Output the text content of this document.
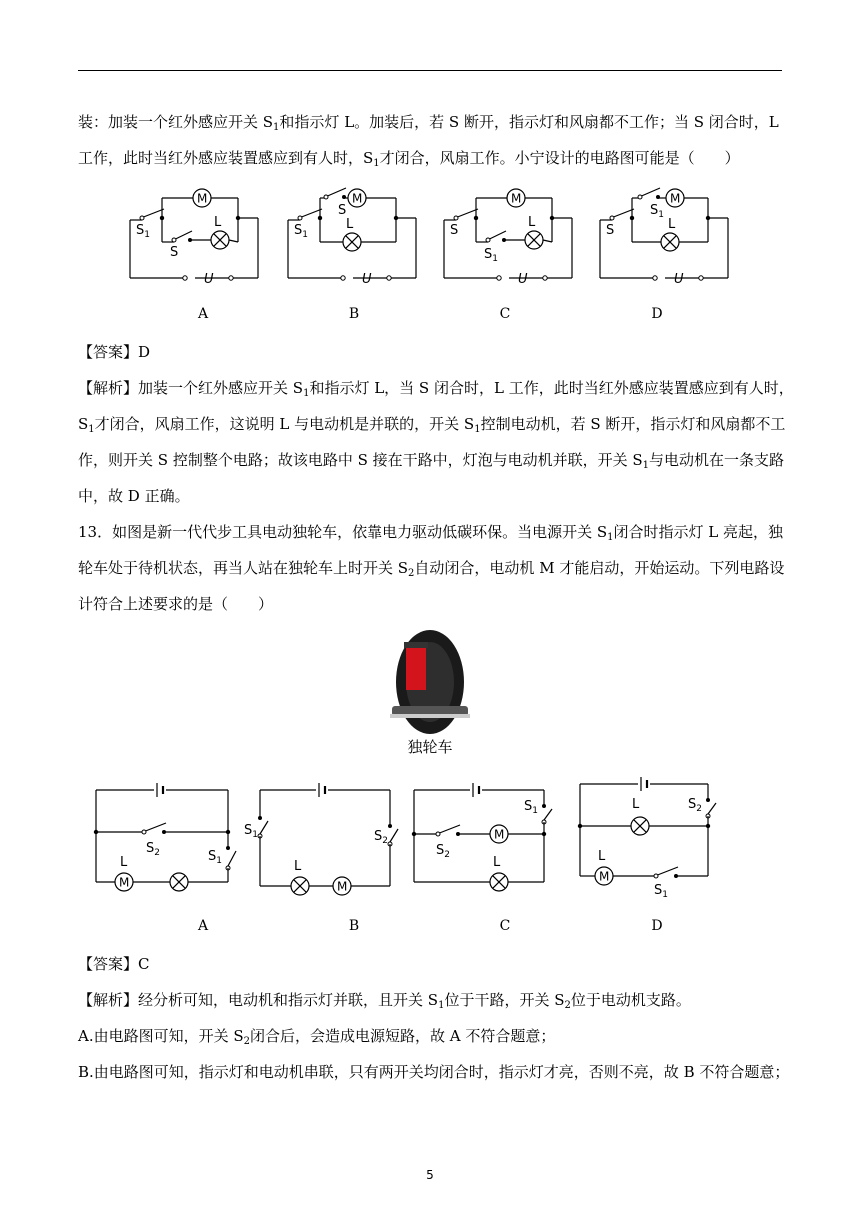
装：加装一个红外感应开关 $S_1$和指示灯 L。加装后，若 S 断开，指示灯和风扇都不工作；当 S 闭合时，L
工作，此时当红外感应装置感应到有人时，$S_1$才闭合，风扇工作。小宁设计的电路图可能是（　　）
U
M
$S_1$
S
L
U
M
$S_1$
S
L
U
M
S
$S_1$
L
U
M
S
$S_1$
L
A	B	C	D
【答案】D
【解析】加装一个红外感应开关 $S_1$和指示灯 L，当 S 闭合时，L 工作，此时当红外感应装置感应到有人时，
$S_1$才闭合，风扇工作，这说明 L 与电动机是并联的，开关 $S_1$控制电动机，若 S 断开，指示灯和风扇都不工
作，则开关 S 控制整个电路；故该电路中 S 接在干路中，灯泡与电动机并联，开关 $S_1$与电动机在一条支路
中，故 D 正确。
13．如图是新一代代步工具电动独轮车，依靠电力驱动低碳环保。当电源开关 $S_1$闭合时指示灯 L 亮起，独
轮车处于待机状态，再当人站在独轮车上时开关 $S_2$自动闭合，电动机 M 才能启动，开始运动。下列电路设
计符合上述要求的是（　　）
独轮车
M
$S_2$	$S_1$
L
M
$S_1$	$S_2$
L
M
$S_2$
$S_1$
L
M
L
L
$S_2$
$S_1$
A	B	C	D
【答案】C
【解析】经分析可知，电动机和指示灯并联，且开关 $S_1$位于干路，开关 $S_2$位于电动机支路。
A.由电路图可知，开关 $S_2$闭合后，会造成电源短路，故 A 不符合题意；
B.由电路图可知，指示灯和电动机串联，只有两开关均闭合时，指示灯才亮，否则不亮，故 B 不符合题意；
5
